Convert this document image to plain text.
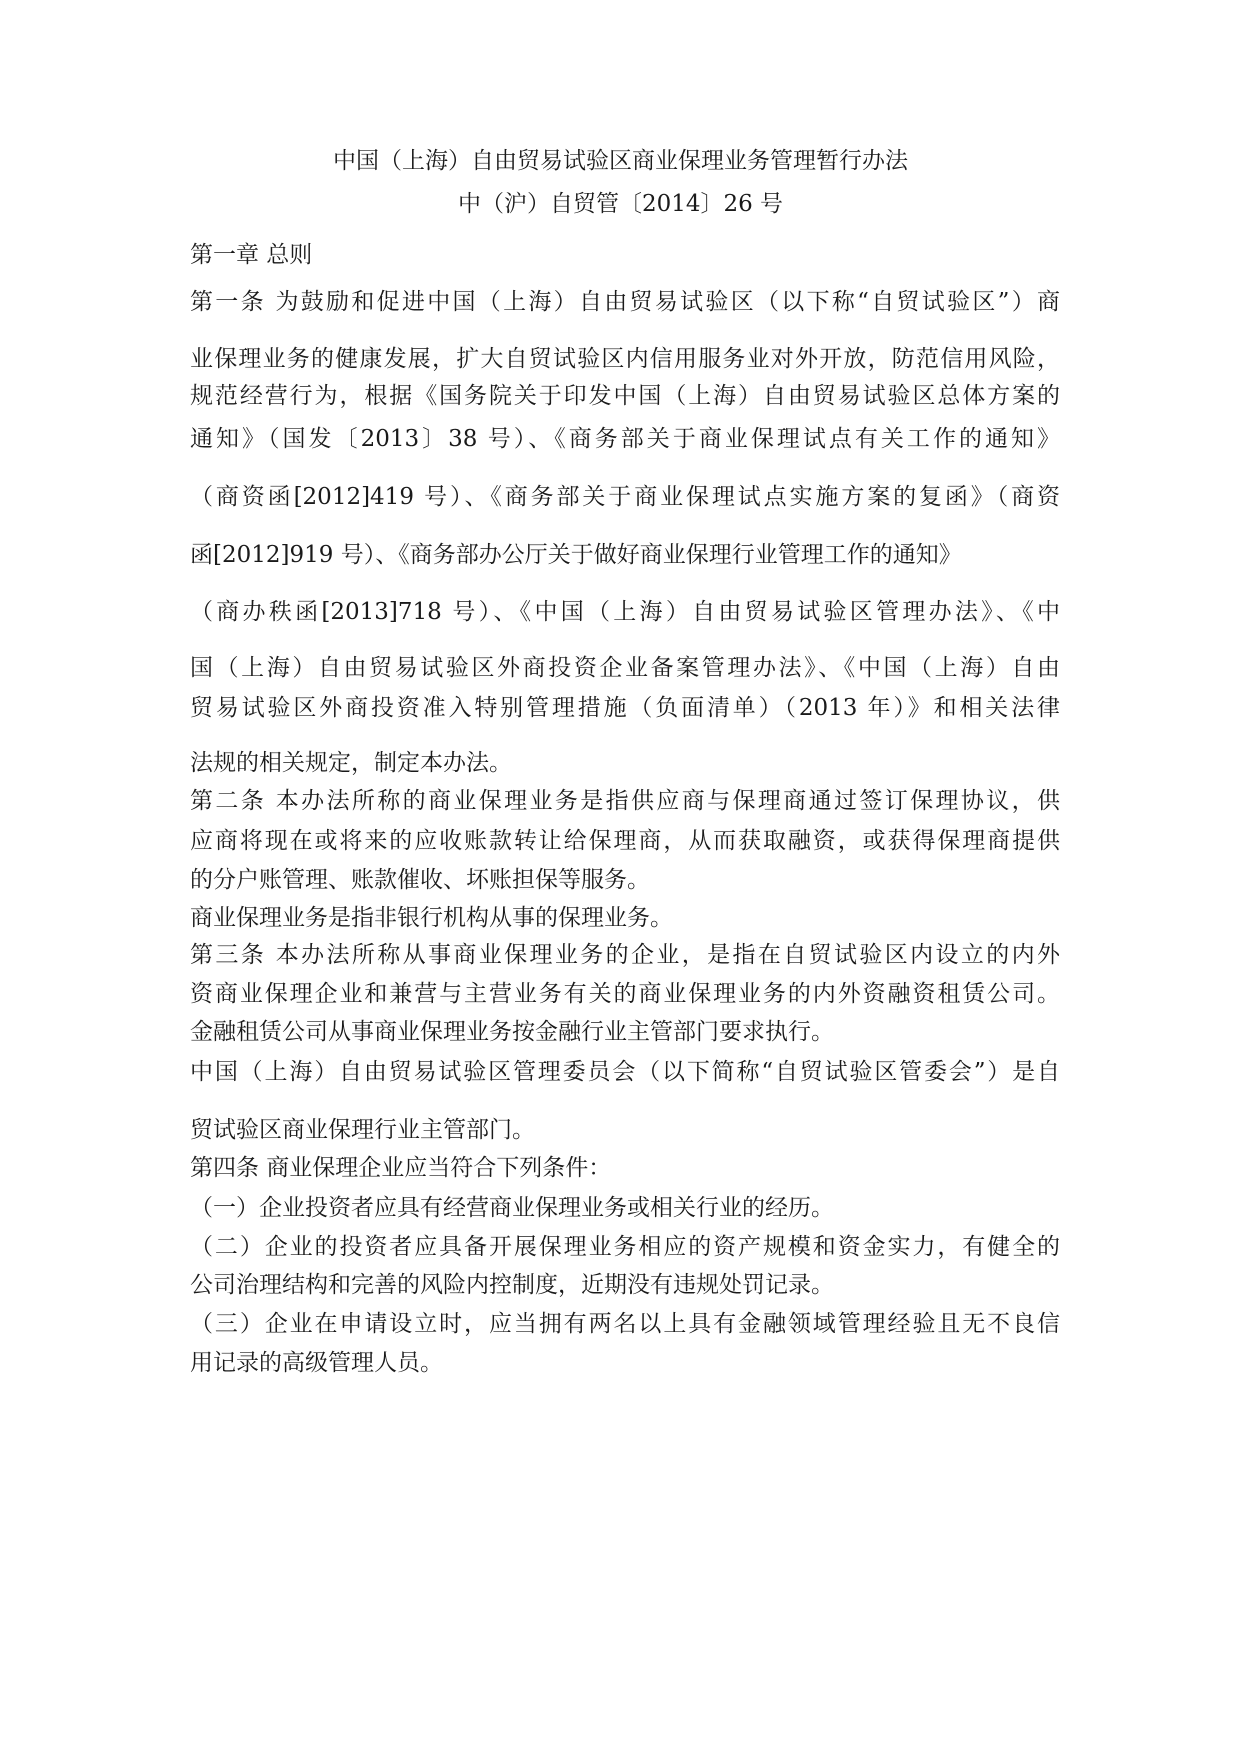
中国（上海）自由贸易试验区商业保理业务管理暂行办法
中（沪）自贸管〔2014〕26 号
第一章 总则
第一条 为鼓励和促进中国（上海）自由贸易试验区（以下称“自贸试验区”）商
业保理业务的健康发展，扩大自贸试验区内信用服务业对外开放，防范信用风险，
规范经营行为，根据《国务院关于印发中国（上海）自由贸易试验区总体方案的
通知》（国发〔2013〕38 号）、《商务部关于商业保理试点有关工作的通知》
（商资函[2012]419 号）、《商务部关于商业保理试点实施方案的复函》（商资
函[2012]919 号）、《商务部办公厅关于做好商业保理行业管理工作的通知》
（商办秩函[2013]718 号）、《中国（上海）自由贸易试验区管理办法》、《中
国（上海）自由贸易试验区外商投资企业备案管理办法》、《中国（上海）自由
贸易试验区外商投资准入特别管理措施（负面清单）（2013 年）》和相关法律
法规的相关规定，制定本办法。
第二条 本办法所称的商业保理业务是指供应商与保理商通过签订保理协议，供
应商将现在或将来的应收账款转让给保理商，从而获取融资，或获得保理商提供
的分户账管理、账款催收、坏账担保等服务。
商业保理业务是指非银行机构从事的保理业务。
第三条 本办法所称从事商业保理业务的企业，是指在自贸试验区内设立的内外
资商业保理企业和兼营与主营业务有关的商业保理业务的内外资融资租赁公司。
金融租赁公司从事商业保理业务按金融行业主管部门要求执行。
中国（上海）自由贸易试验区管理委员会（以下简称“自贸试验区管委会”）是自
贸试验区商业保理行业主管部门。
第四条 商业保理企业应当符合下列条件：
（一）企业投资者应具有经营商业保理业务或相关行业的经历。
（二）企业的投资者应具备开展保理业务相应的资产规模和资金实力，有健全的
公司治理结构和完善的风险内控制度，近期没有违规处罚记录。
（三）企业在申请设立时，应当拥有两名以上具有金融领域管理经验且无不良信
用记录的高级管理人员。
